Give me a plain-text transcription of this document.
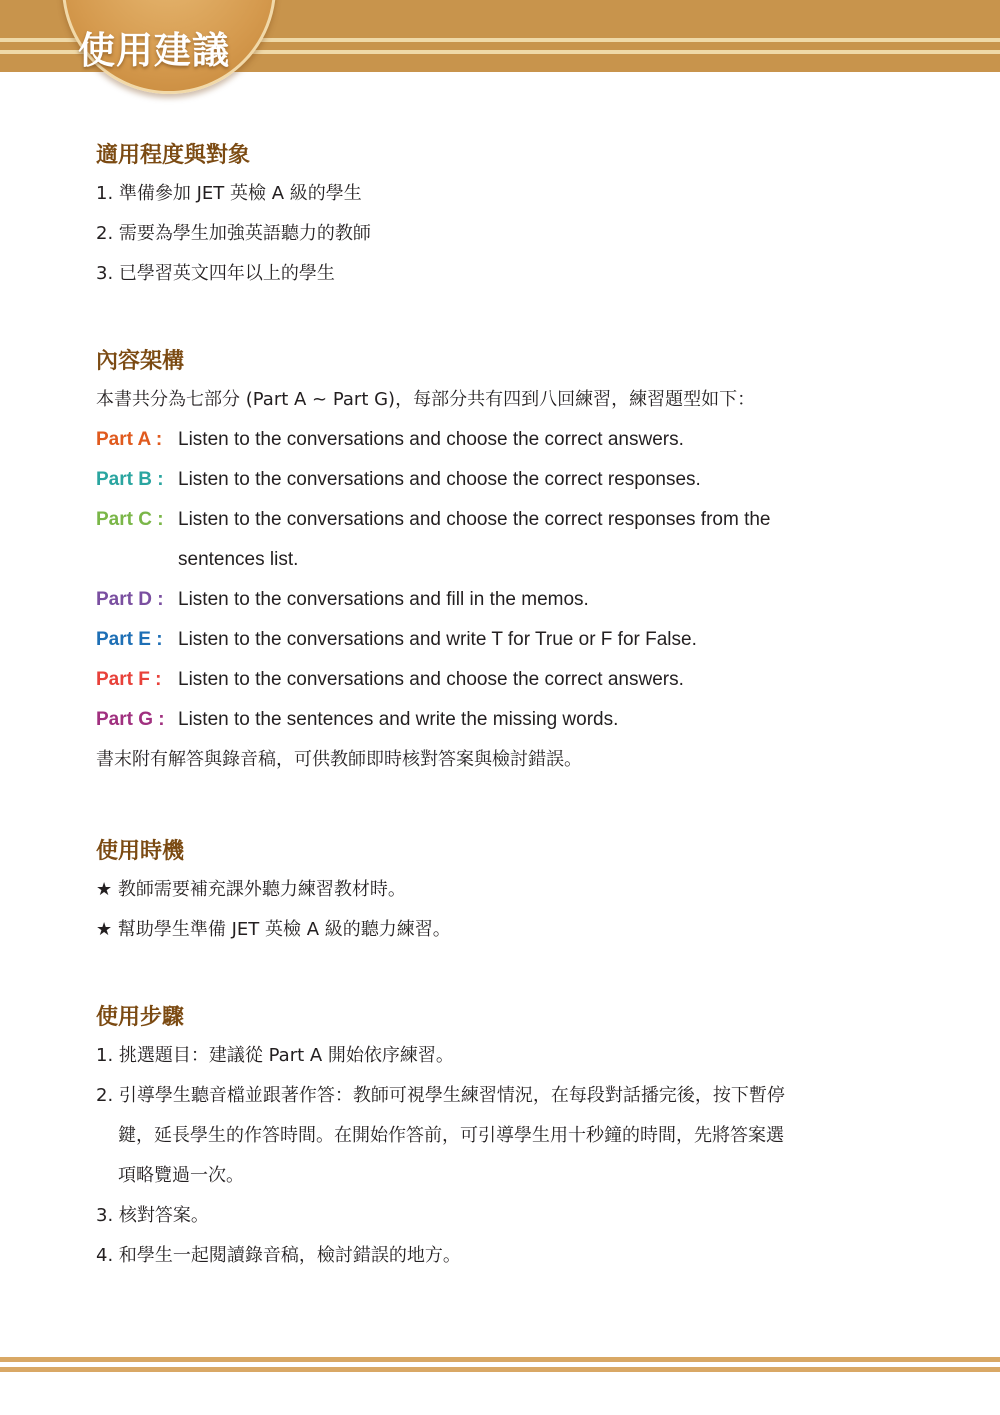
使用建議
適用程度與對象
1. 準備參加 JET 英檢 A 級的學生
2. 需要為學生加強英語聽力的教師
3. 已學習英文四年以上的學生
內容架構
本書共分為七部分 (Part A ~ Part G)，每部分共有四到八回練習，練習題型如下：
Part A : Listen to the conversations and choose the correct answers.
Part B : Listen to the conversations and choose the correct responses.
Part C : Listen to the conversations and choose the correct responses from the
sentences list.
Part D : Listen to the conversations and fill in the memos.
Part E : Listen to the conversations and write T for True or F for False.
Part F : Listen to the conversations and choose the correct answers.
Part G : Listen to the sentences and write the missing words.
書末附有解答與錄音稿，可供教師即時核對答案與檢討錯誤。
使用時機
★ 教師需要補充課外聽力練習教材時。
★ 幫助學生準備 JET 英檢 A 級的聽力練習。
使用步驟
1. 挑選題目：建議從 Part A 開始依序練習。
2. 引導學生聽音檔並跟著作答：教師可視學生練習情況，在每段對話播完後，按下暫停
鍵，延長學生的作答時間。在開始作答前，可引導學生用十秒鐘的時間，先將答案選
項略覽過一次。
3. 核對答案。
4. 和學生一起閱讀錄音稿，檢討錯誤的地方。
